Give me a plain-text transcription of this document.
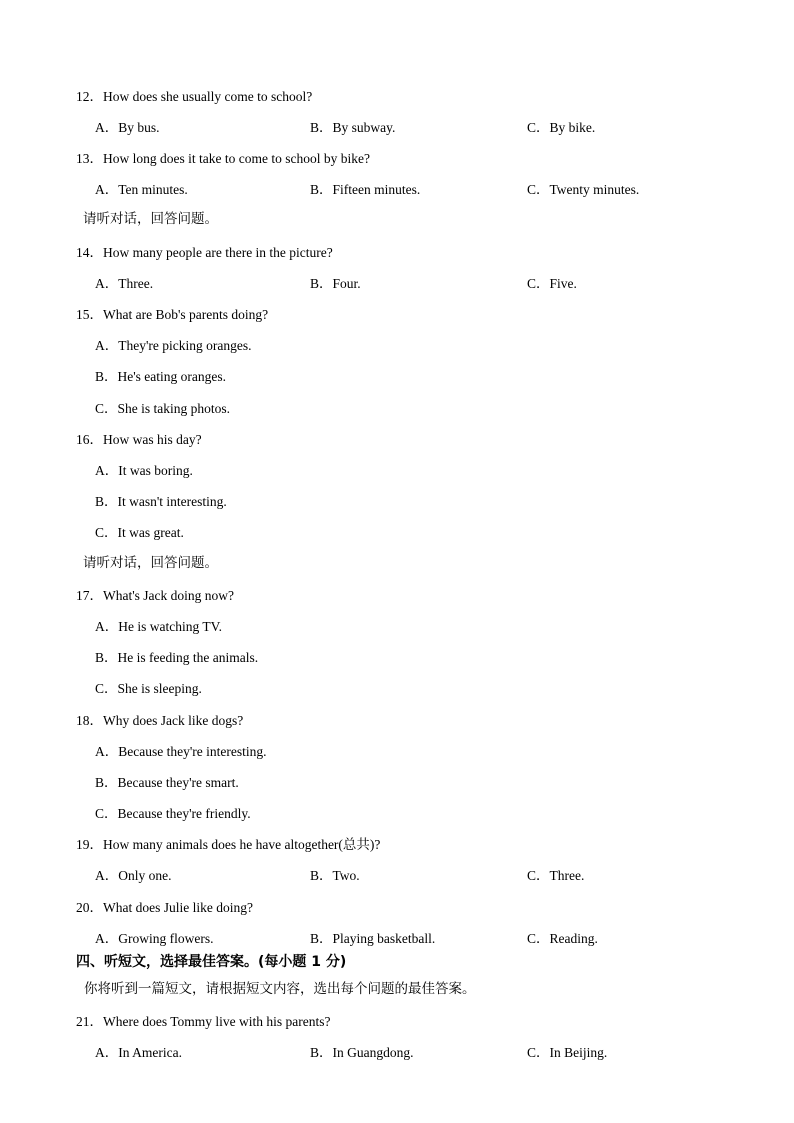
12．How does she usually come to school?
A．By bus.	B．By subway.	C．By bike.
13．How long does it take to come to school by bike?
A．Ten minutes.	B．Fifteen minutes.	C．Twenty minutes.
请听对话，回答问题。
14．How many people are there in the picture?
A．Three.	B．Four.	C．Five.
15．What are Bob's parents doing?
A．They're picking oranges.
B．He's eating oranges.
C．She is taking photos.
16．How was his day?
A．It was boring.
B．It wasn't interesting.
C．It was great.
请听对话，回答问题。
17．What's Jack doing now?
A．He is watching TV.
B．He is feeding the animals.
C．She is sleeping.
18．Why does Jack like dogs?
A．Because they're interesting.
B．Because they're smart.
C．Because they're friendly.
19．How many animals does he have altogether(总共)?
A．Only one.	B．Two.	C．Three.
20．What does Julie like doing?
A．Growing flowers.	B．Playing basketball.	C．Reading.
四、听短文，选择最佳答案。(每小题 1 分)
你将听到一篇短文，请根据短文内容，选出每个问题的最佳答案。
21．Where does Tommy live with his parents?
A．In America.	B．In Guangdong.	C．In Beijing.
